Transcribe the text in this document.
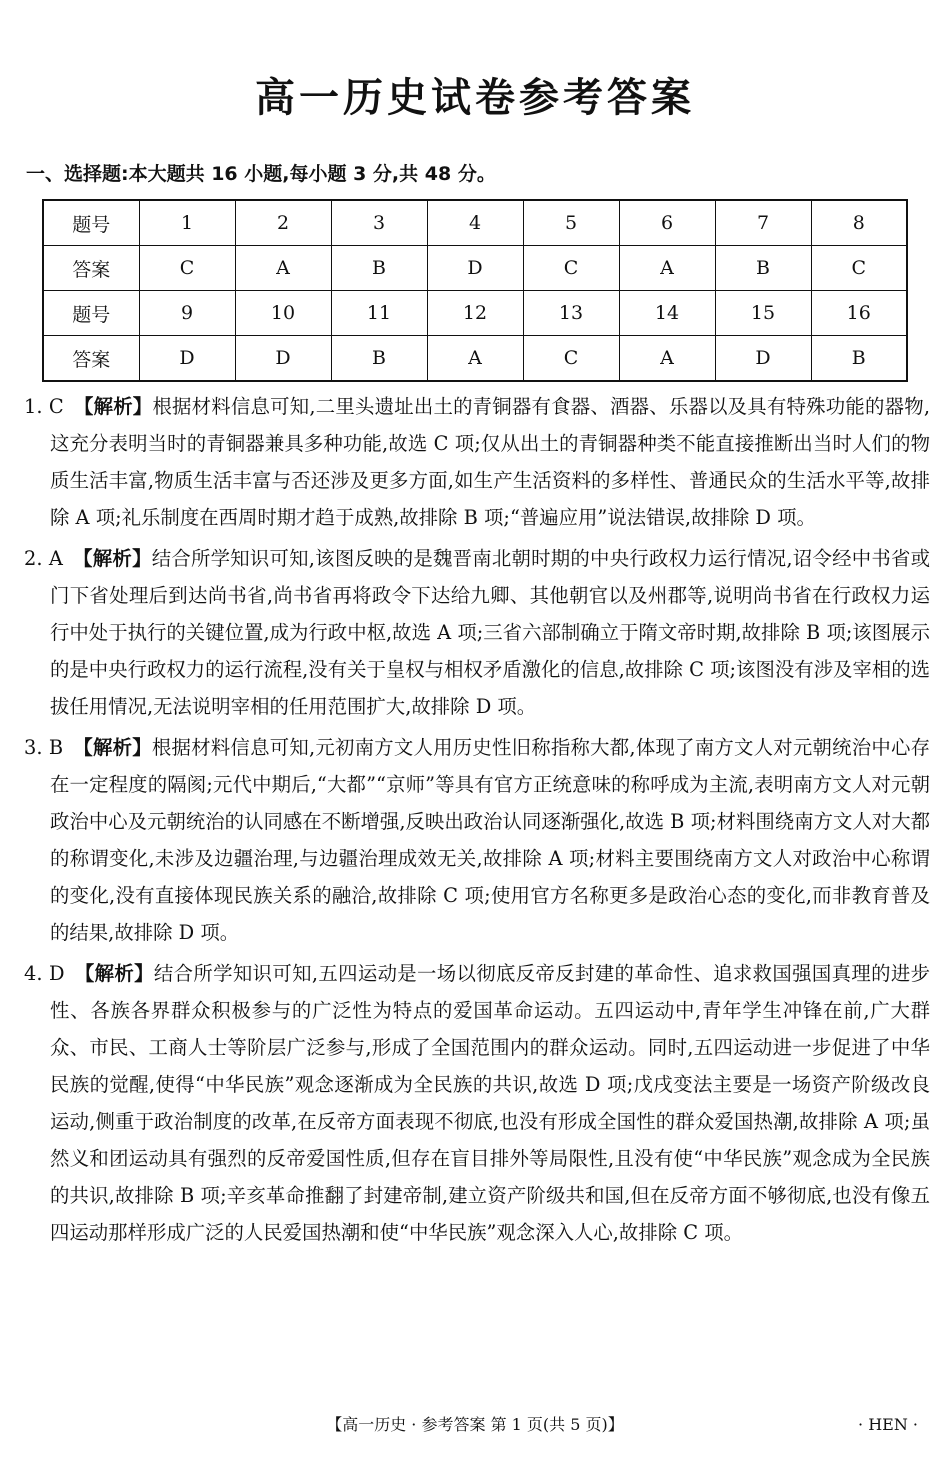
高一历史试卷参考答案
一、选择题:本大题共 16 小题,每小题 3 分,共 48 分。
题号	1	2	3	4	5	6	7	8
答案	C	A	B	D	C	A	B	C
题号	9	10	11	12	13	14	15	16
答案	D	D	B	A	C	A	D	B

1. C 【解析】根据材料信息可知,二里头遗址出土的青铜器有食器、酒器、乐器以及具有特殊功能的器物,这充分表明当时的青铜器兼具多种功能,故选 C 项;仅从出土的青铜器种类不能直接推断出当时人们的物质生活丰富,物质生活丰富与否还涉及更多方面,如生产生活资料的多样性、普通民众的生活水平等,故排除 A 项;礼乐制度在西周时期才趋于成熟,故排除 B 项;“普遍应用”说法错误,故排除 D 项。

2. A 【解析】结合所学知识可知,该图反映的是魏晋南北朝时期的中央行政权力运行情况,诏令经中书省或门下省处理后到达尚书省,尚书省再将政令下达给九卿、其他朝官以及州郡等,说明尚书省在行政权力运行中处于执行的关键位置,成为行政中枢,故选 A 项;三省六部制确立于隋文帝时期,故排除 B 项;该图展示的是中央行政权力的运行流程,没有关于皇权与相权矛盾激化的信息,故排除 C 项;该图没有涉及宰相的选拔任用情况,无法说明宰相的任用范围扩大,故排除 D 项。

3. B 【解析】根据材料信息可知,元初南方文人用历史性旧称指称大都,体现了南方文人对元朝统治中心存在一定程度的隔阂;元代中期后,“大都”“京师”等具有官方正统意味的称呼成为主流,表明南方文人对元朝政治中心及元朝统治的认同感在不断增强,反映出政治认同逐渐强化,故选 B 项;材料围绕南方文人对大都的称谓变化,未涉及边疆治理,与边疆治理成效无关,故排除 A 项;材料主要围绕南方文人对政治中心称谓的变化,没有直接体现民族关系的融洽,故排除 C 项;使用官方名称更多是政治心态的变化,而非教育普及的结果,故排除 D 项。

4. D 【解析】结合所学知识可知,五四运动是一场以彻底反帝反封建的革命性、追求救国强国真理的进步性、各族各界群众积极参与的广泛性为特点的爱国革命运动。五四运动中,青年学生冲锋在前,广大群众、市民、工商人士等阶层广泛参与,形成了全国范围内的群众运动。同时,五四运动进一步促进了中华民族的觉醒,使得“中华民族”观念逐渐成为全民族的共识,故选 D 项;戊戌变法主要是一场资产阶级改良运动,侧重于政治制度的改革,在反帝方面表现不彻底,也没有形成全国性的群众爱国热潮,故排除 A 项;虽然义和团运动具有强烈的反帝爱国性质,但存在盲目排外等局限性,且没有使“中华民族”观念成为全民族的共识,故排除 B 项;辛亥革命推翻了封建帝制,建立资产阶级共和国,但在反帝方面不够彻底,也没有像五四运动那样形成广泛的人民爱国热潮和使“中华民族”观念深入人心,故排除 C 项。

【高一历史 · 参考答案 第 1 页(共 5 页)】	· HEN ·
